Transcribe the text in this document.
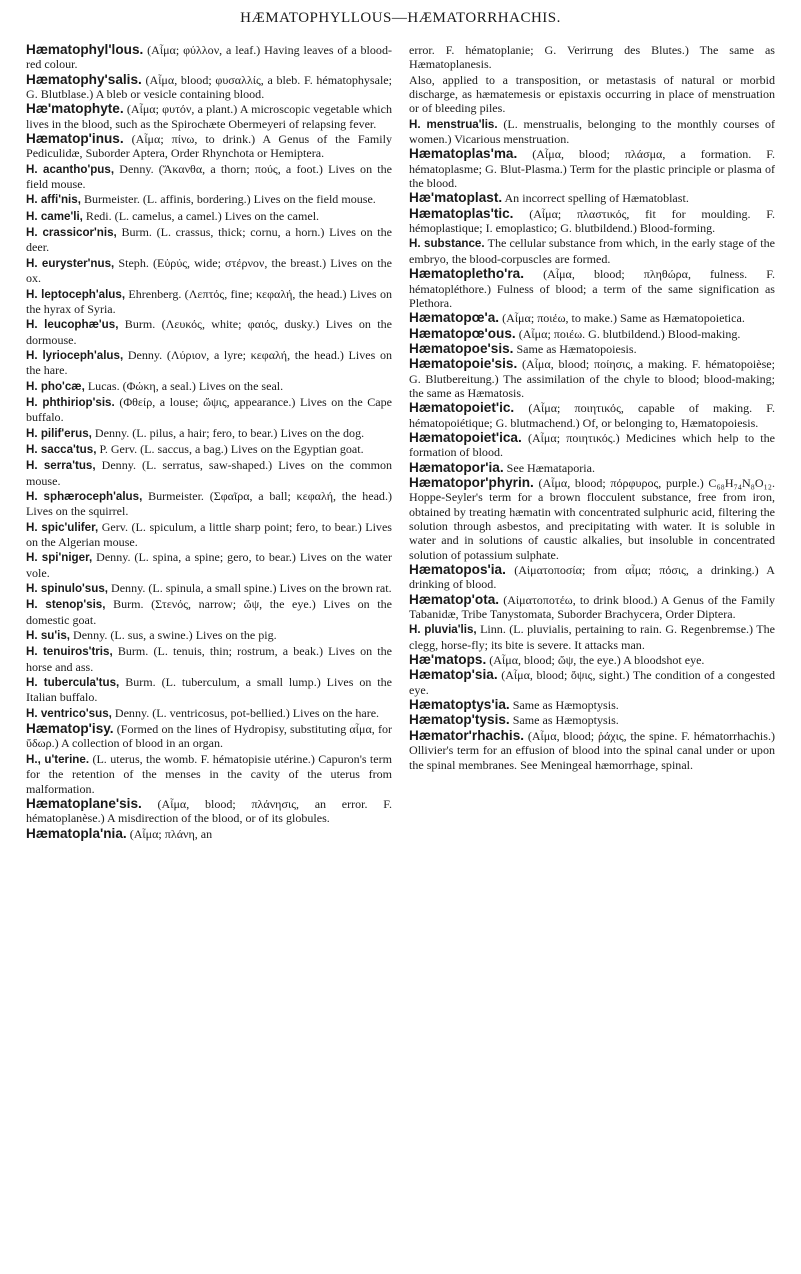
HÆMATOPHYLLOUS—HÆMATORRHACHIS.

Hæmatophyl'lous. (Αἷμα; φύλλον, a leaf.) Having leaves of a blood-red colour.

Hæmatophy'salis. (Αἷμα, blood; φυσαλλίς, a bleb. F. hématophysale; G. Blutblase.) A bleb or vesicle containing blood.

Hæ'matophyte. (Αἷμα; φυτόν, a plant.) A microscopic vegetable which lives in the blood, such as the Spirochæte Obermeyeri of relapsing fever.

Hæmatop'inus. (Αἷμα; πίνω, to drink.) A Genus of the Family Pediculidæ, Suborder Aptera, Order Rhynchota or Hemiptera.

H. acantho'pus, Denny. (Ἄκανθα, a thorn; πούς, a foot.) Lives on the field mouse.

H. affi'nis, Burmeister. (L. affinis, bordering.) Lives on the field mouse.

H. came'li, Redi. (L. camelus, a camel.) Lives on the camel.

H. crassicor'nis, Burm. (L. crassus, thick; cornu, a horn.) Lives on the deer.

H. euryster'nus, Steph. (Εὐρύς, wide; στέρνον, the breast.) Lives on the ox.

H. leptoceph'alus, Ehrenberg. (Λεπτός, fine; κεφαλή, the head.) Lives on the hyrax of Syria.

H. leucophæ'us, Burm. (Λευκός, white; φαιός, dusky.) Lives on the dormouse.

H. lyrioceph'alus, Denny. (Λύριον, a lyre; κεφαλή, the head.) Lives on the hare.

H. pho'cæ, Lucas. (Φώκη, a seal.) Lives on the seal.

H. phthiriop'sis. (Φθείρ, a louse; ὤψις, appearance.) Lives on the Cape buffalo.

H. pilif'erus, Denny. (L. pilus, a hair; fero, to bear.) Lives on the dog.

H. sacca'tus, P. Gerv. (L. saccus, a bag.) Lives on the Egyptian goat.

H. serra'tus, Denny. (L. serratus, saw-shaped.) Lives on the common mouse.

H. sphæroceph'alus, Burmeister. (Σφαῖρα, a ball; κεφαλή, the head.) Lives on the squirrel.

H. spic'ulifer, Gerv. (L. spiculum, a little sharp point; fero, to bear.) Lives on the Algerian mouse.

H. spi'niger, Denny. (L. spina, a spine; gero, to bear.) Lives on the water vole.

H. spinulo'sus, Denny. (L. spinula, a small spine.) Lives on the brown rat.

H. stenop'sis, Burm. (Στενός, narrow; ὤψ, the eye.) Lives on the domestic goat.

H. su'is, Denny. (L. sus, a swine.) Lives on the pig.

H. tenuiros'tris, Burm. (L. tenuis, thin; rostrum, a beak.) Lives on the horse and ass.

H. tubercula'tus, Burm. (L. tuberculum, a small lump.) Lives on the Italian buffalo.

H. ventrico'sus, Denny. (L. ventricosus, pot-bellied.) Lives on the hare.

Hæmatop'isy. (Formed on the lines of Hydropisy, substituting αἷμα, for ὕδωρ.) A collection of blood in an organ.

H., u'terine. (L. uterus, the womb. F. hématopisie utérine.) Capuron's term for the retention of the menses in the cavity of the uterus from malformation.

Hæmatoplane'sis. (Αἷμα, blood; πλάνησις, an error. F. hématoplanèse.) A misdirection of the blood, or of its globules.

Hæmatopla'nia. (Αἷμα; πλάνη, an

error. F. hématoplanie; G. Verirrung des Blutes.) The same as Hæmatoplanesis.

Also, applied to a transposition, or metastasis of natural or morbid discharge, as hæmatemesis or epistaxis occurring in place of menstruation or of bleeding piles.

H. menstrua'lis. (L. menstrualis, belonging to the monthly courses of women.) Vicarious menstruation.

Hæmatoplas'ma. (Αἷμα, blood; πλάσμα, a formation. F. hématoplasme; G. Blut-Plasma.) Term for the plastic principle or plasma of the blood.

Hæ'matoplast. An incorrect spelling of Hæmatoblast.

Hæmatoplas'tic. (Αἷμα; πλαστικός, fit for moulding. F. hémoplastique; I. emoplastico; G. blutbildend.) Blood-forming.

H. substance. The cellular substance from which, in the early stage of the embryo, the blood-corpuscles are formed.

Hæmatopletho'ra. (Αἷμα, blood; πληθώρα, fulness. F. hématopléthore.) Fulness of blood; a term of the same signification as Plethora.

Hæmatopœ'a. (Αἷμα; ποιέω, to make.) Same as Hæmatopoietica.

Hæmatopœ'ous. (Αἷμα; ποιέω. G. blutbildend.) Blood-making.

Hæmatopoe'sis. Same as Hæmatopoiesis.

Hæmatopoie'sis. (Αἷμα, blood; ποίησις, a making. F. hématopoièse; G. Blutbereitung.) The assimilation of the chyle to blood; blood-making; the same as Hæmatosis.

Hæmatopoiet'ic. (Αἷμα; ποιητικός, capable of making. F. hématopoiétique; G. blutmachend.) Of, or belonging to, Hæmatopoiesis.

Hæmatopoiet'ica. (Αἷμα; ποιητικός.) Medicines which help to the formation of blood.

Hæmatopor'ia. See Hæmataporia.

Hæmatopor'phyrin. (Αἷμα, blood; πόρφυρος, purple.) C₆₈H₇₄N₈O₁₂. Hoppe-Seyler's term for a brown flocculent substance, free from iron, obtained by treating hæmatin with concentrated sulphuric acid, filtering the solution through asbestos, and precipitating with water. It is soluble in water and in solutions of caustic alkalies, but insoluble in concentrated solution of potassium sulphate.

Hæmatopos'ia. (Αἱματοποσία; from αἷμα; πόσις, a drinking.) A drinking of blood.

Hæmatop'ota. (Αἱματοποτέω, to drink blood.) A Genus of the Family Tabanidæ, Tribe Tanystomata, Suborder Brachycera, Order Diptera.

H. pluvia'lis, Linn. (L. pluvialis, pertaining to rain. G. Regenbremse.) The clegg, horse-fly; its bite is severe. It attacks man.

Hæ'matops. (Αἷμα, blood; ὤψ, the eye.) A bloodshot eye.

Hæmatop'sia. (Αἷμα, blood; ὄψις, sight.) The condition of a congested eye.

Hæmatoptys'ia. Same as Hæmoptysis.

Hæmatop'tysis. Same as Hæmoptysis.

Hæmator'rhachis. (Αἷμα, blood; ῥάχις, the spine. F. hématorrhachis.) Ollivier's term for an effusion of blood into the spinal canal under or upon the spinal membranes. See Meningeal hæmorrhage, spinal.
